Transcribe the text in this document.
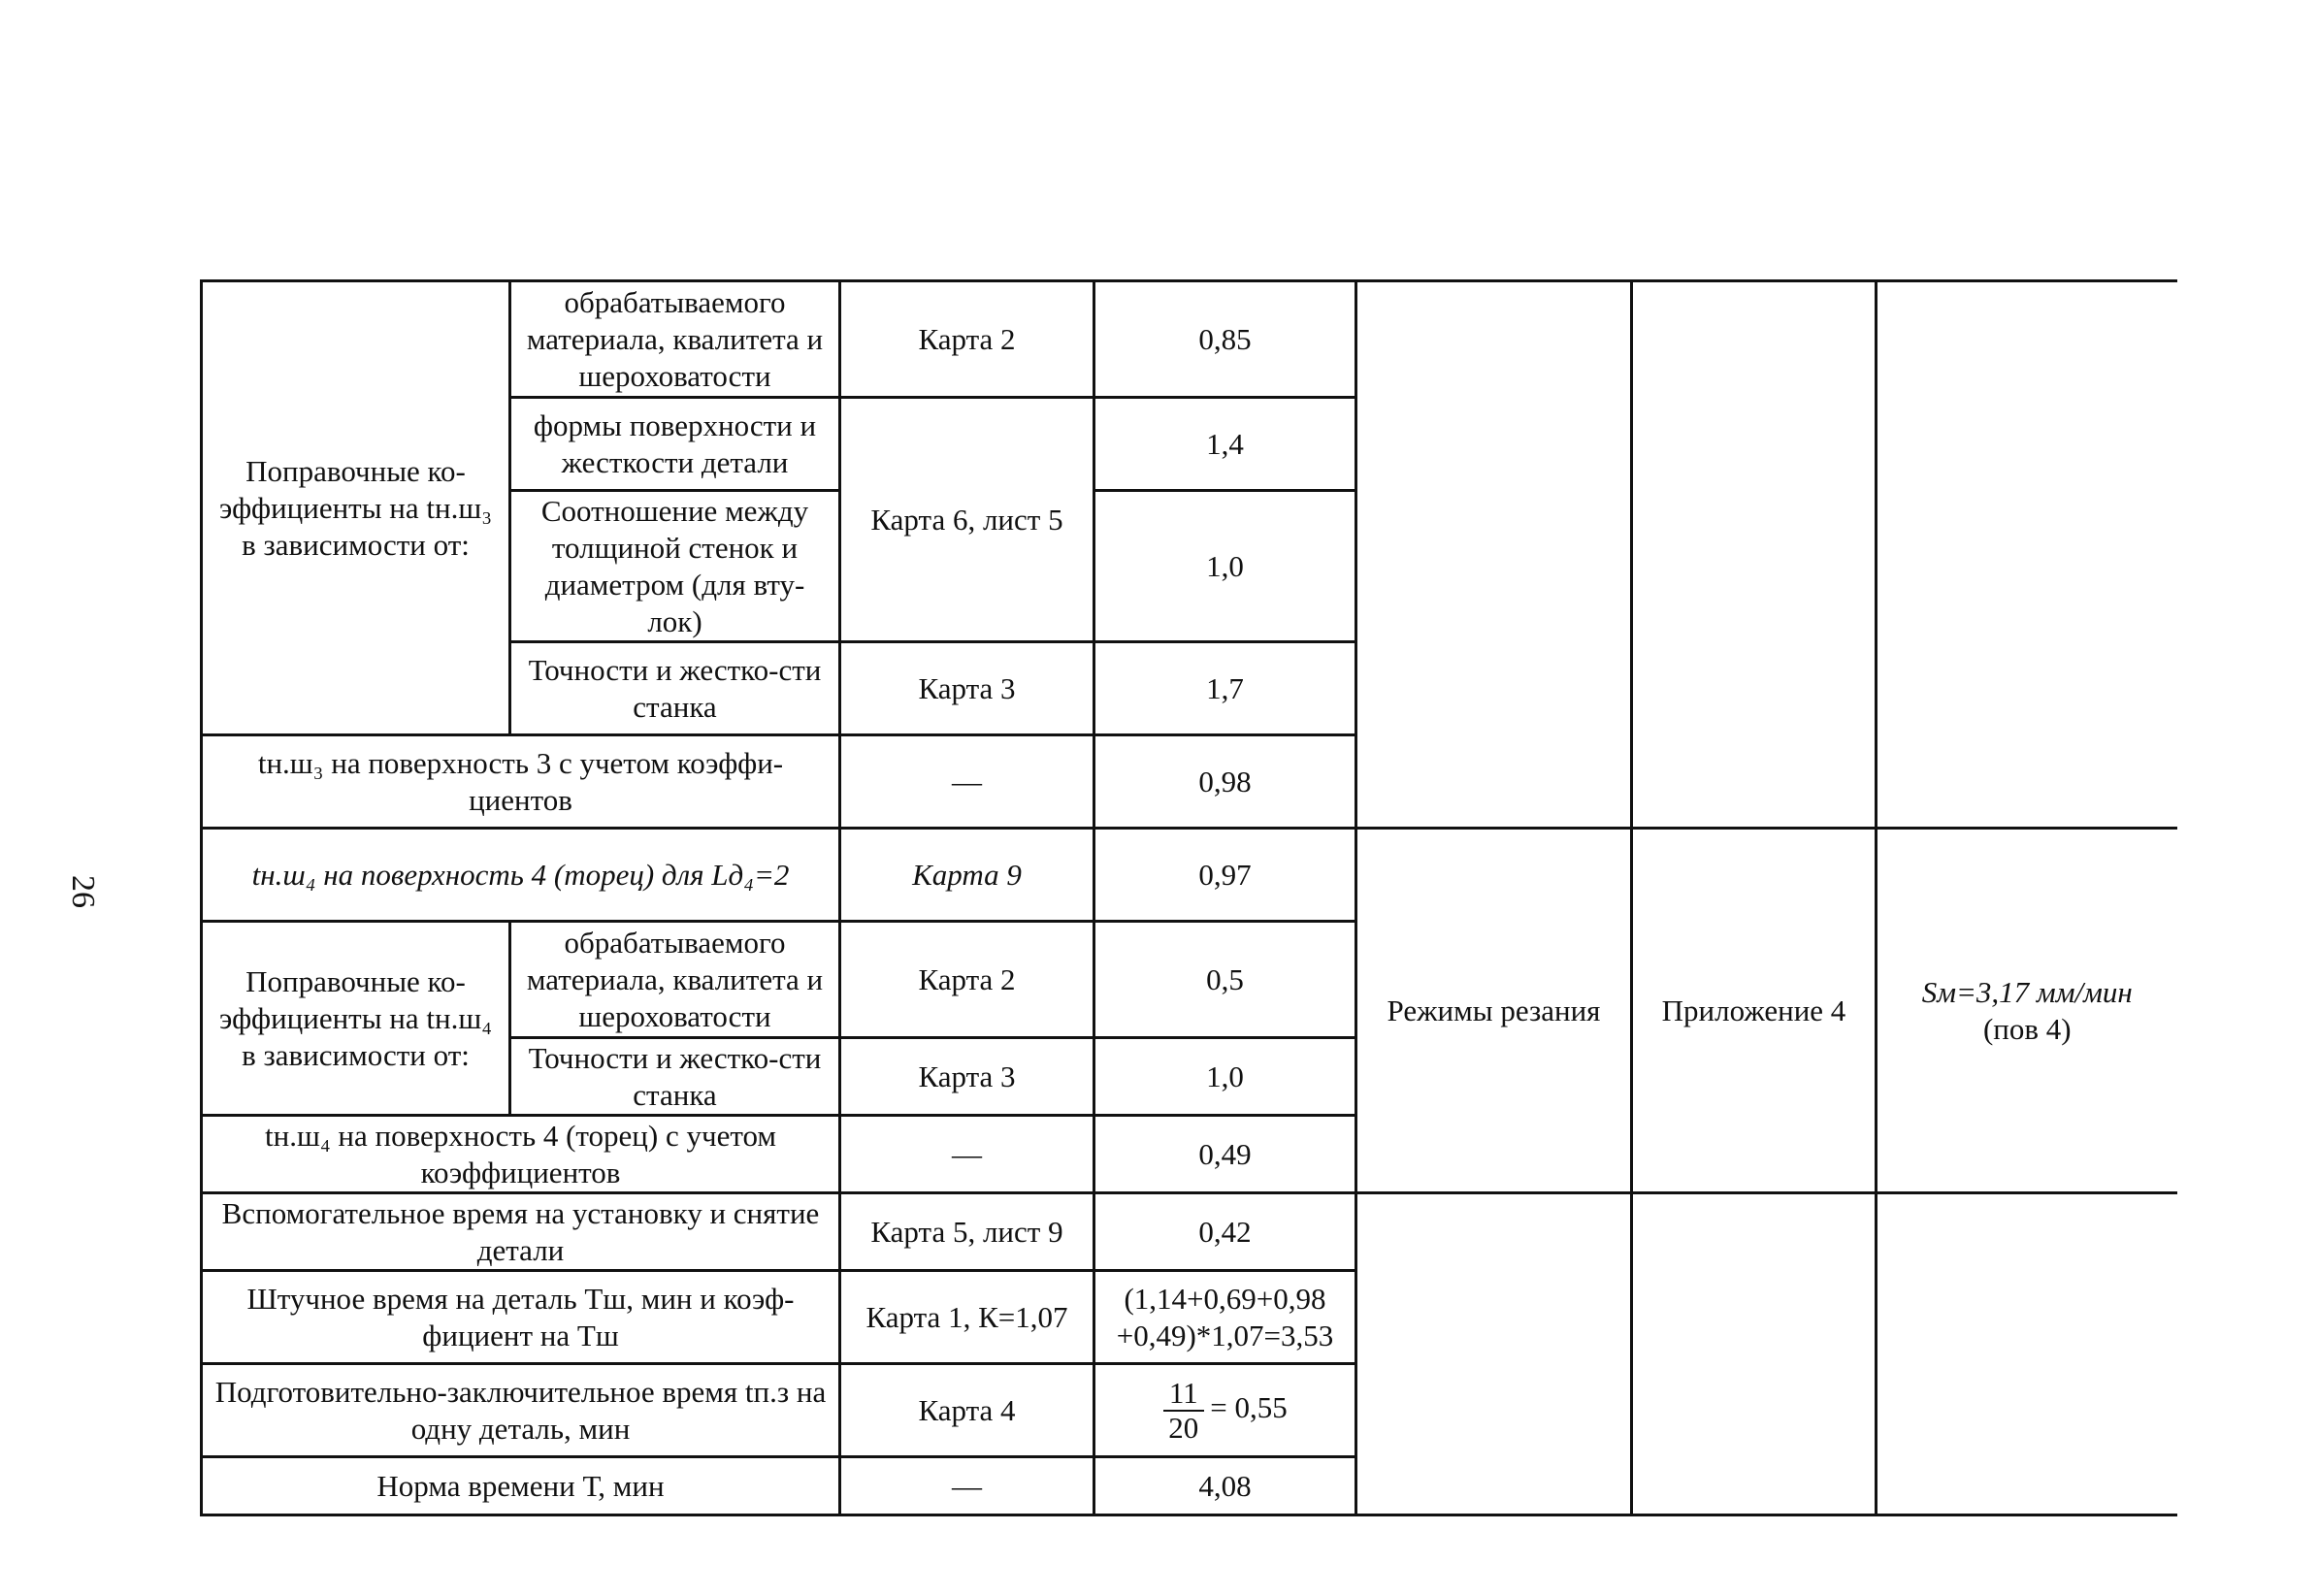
26
Поправочные ко-эффициенты на tн.ш₃ в зависимости от:	обрабатываемого материала, квалитета и шероховатости	Карта 2	0,85			
	формы поверхности и жесткости детали	Карта 6, лист 5	1,4			
	Соотношение между толщиной стенок и диаметром (для вту-лок)		1,0			
	Точности и жестко-сти станка	Карта 3	1,7			

tн.ш₃ на поверхность 3 с учетом коэффи-циентов		—	0,98			
tн.ш₄ на поверхность 4 (торец) для Lд₄=2		Карта 9	0,97	Режимы резания	Приложение 4	Sм=3,17 мм/мин
(пов 4)

Поправочные ко-эффициенты на tн.ш₄ в зависимости от:	обрабатываемого материала, квалитета и шероховатости	Карта 2	0,5			
	Точности и жестко-сти станка	Карта 3	1,0			
tн.ш₄ на поверхность 4 (торец) с учетом коэффициентов		—	0,49			

Вспомогательное время на установку и снятие детали		Карта 5, лист 9	0,42			
Штучное время на деталь Тш, мин и коэф-фициент на Тш		Карта 1, К=1,07	(1,14+0,69+0,98 +0,49)*1,07=3,53			
Подготовительно-заключительное время tп.з на одну деталь, мин		Карта 4	$\frac{11}{20} = 0,55$			
Норма времени Т, мин		—	4,08			
